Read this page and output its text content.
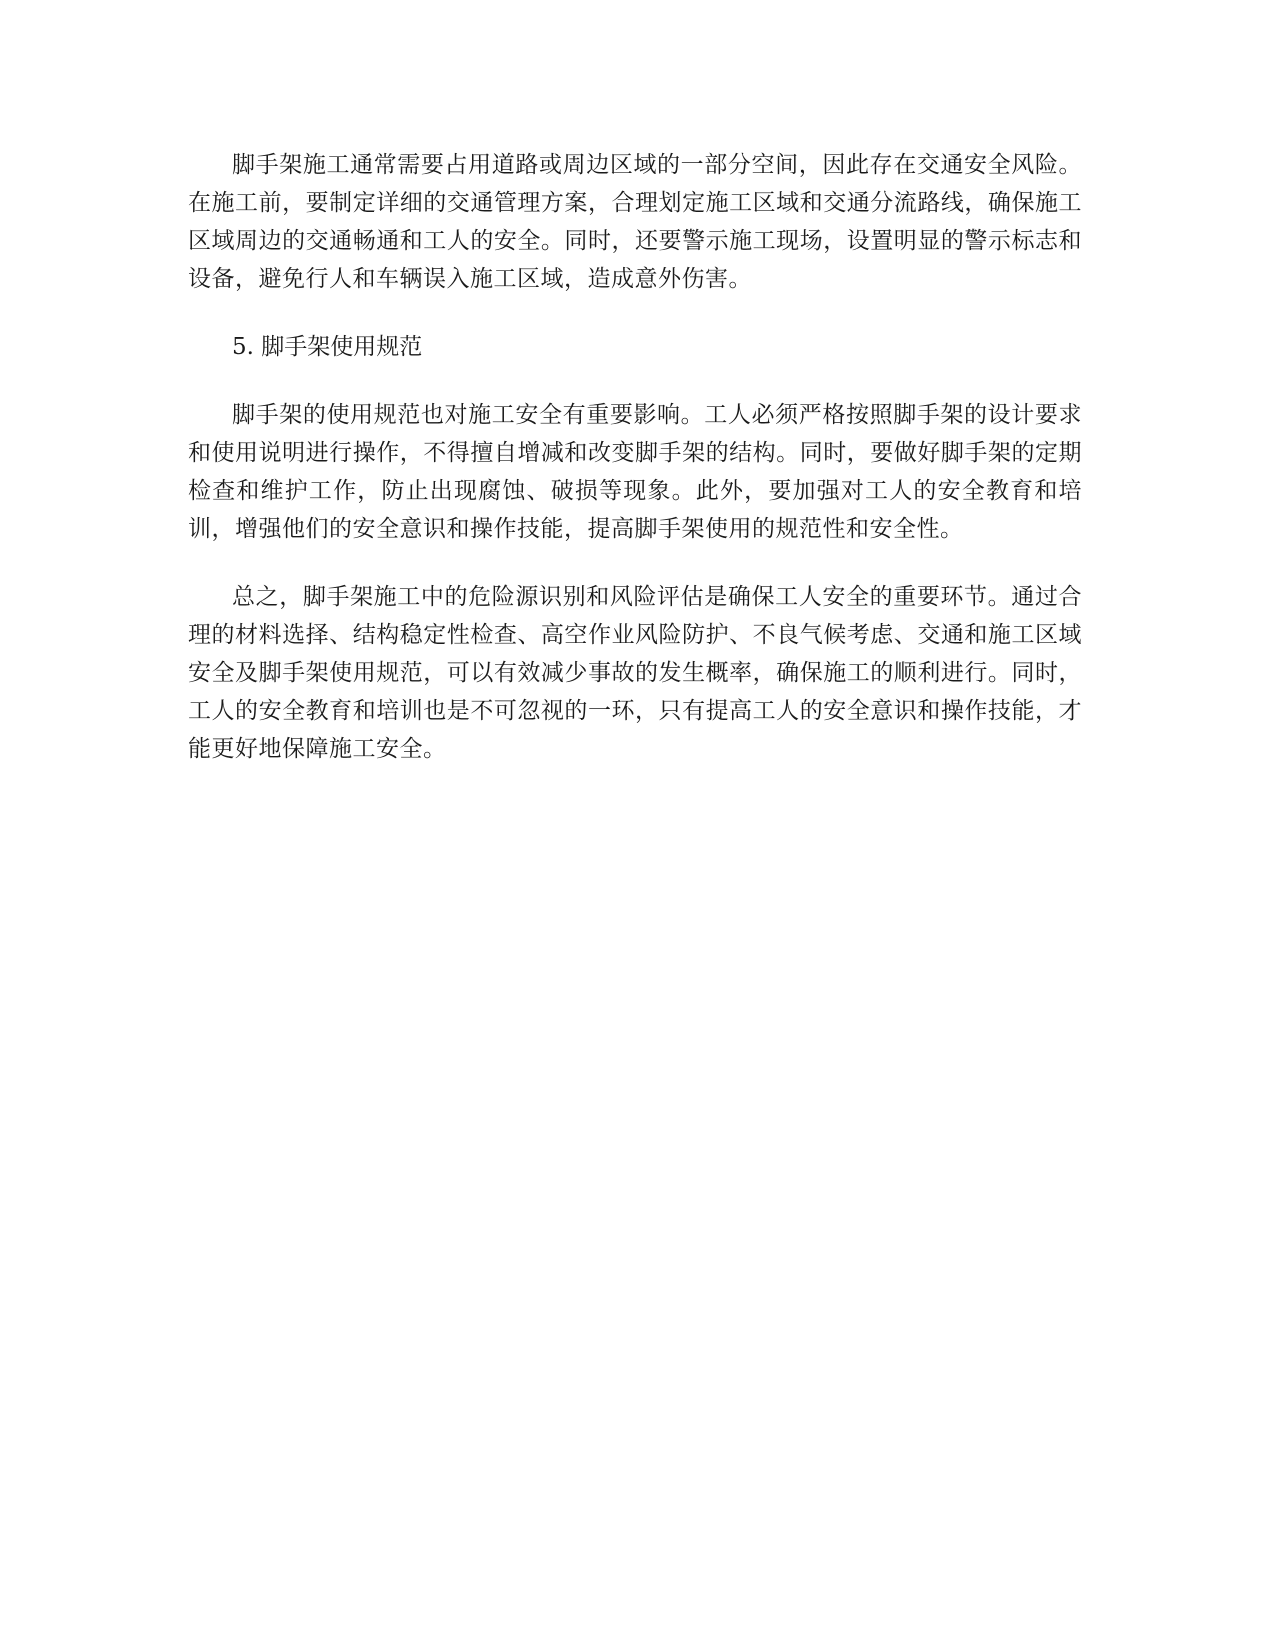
脚手架施工通常需要占用道路或周边区域的一部分空间，因此存在交通安全风险。在施工前，要制定详细的交通管理方案，合理划定施工区域和交通分流路线，确保施工区域周边的交通畅通和工人的安全。同时，还要警示施工现场，设置明显的警示标志和设备，避免行人和车辆误入施工区域，造成意外伤害。

5. 脚手架使用规范

脚手架的使用规范也对施工安全有重要影响。工人必须严格按照脚手架的设计要求和使用说明进行操作，不得擅自增减和改变脚手架的结构。同时，要做好脚手架的定期检查和维护工作，防止出现腐蚀、破损等现象。此外，要加强对工人的安全教育和培训，增强他们的安全意识和操作技能，提高脚手架使用的规范性和安全性。

总之，脚手架施工中的危险源识别和风险评估是确保工人安全的重要环节。通过合理的材料选择、结构稳定性检查、高空作业风险防护、不良气候考虑、交通和施工区域安全及脚手架使用规范，可以有效减少事故的发生概率，确保施工的顺利进行。同时，工人的安全教育和培训也是不可忽视的一环，只有提高工人的安全意识和操作技能，才能更好地保障施工安全。
